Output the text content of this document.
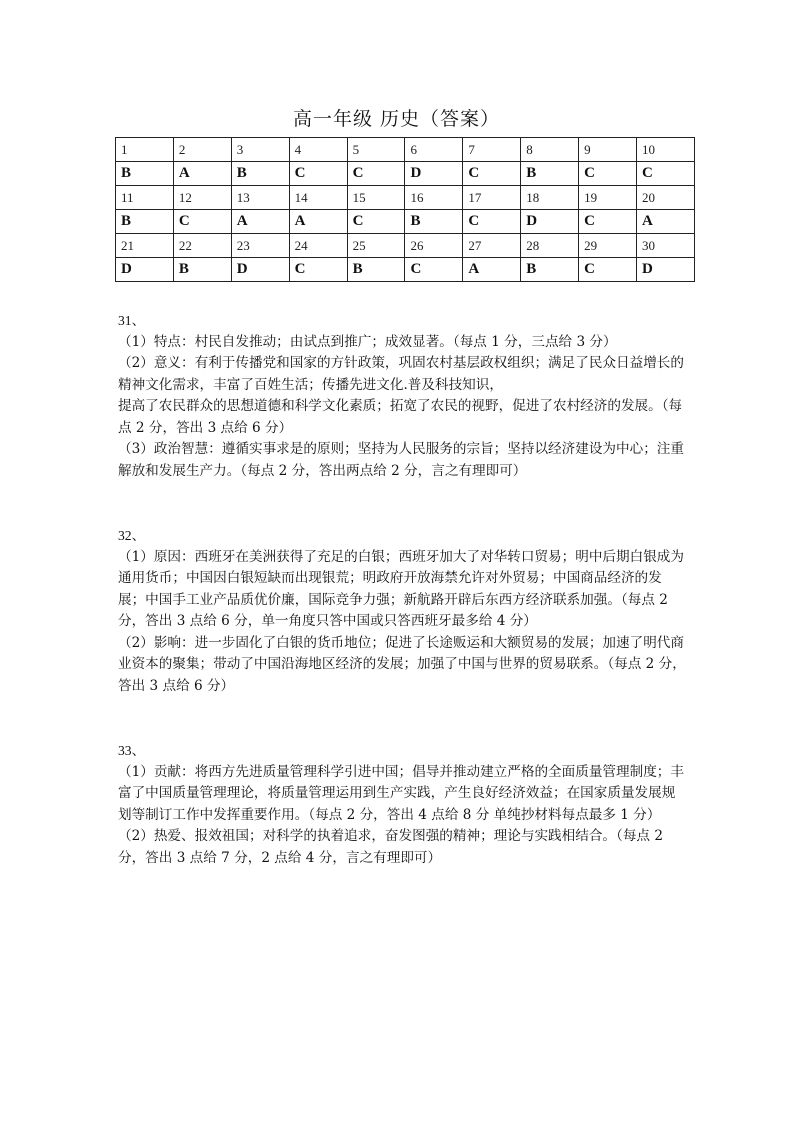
高一年级 历史（答案）
1	2	3	4	5	6	7	8	9	10
B	A	B	C	C	D	C	B	C	C
11	12	13	14	15	16	17	18	19	20
B	C	A	A	C	B	C	D	C	A
21	22	23	24	25	26	27	28	29	30
D	B	D	C	B	C	A	B	C	D

31、

（1）特点：村民自发推动；由试点到推广；成效显著。（每点 1 分，三点给 3 分）

（2）意义：有利于传播党和国家的方针政策，巩固农村基层政权组织；满足了民众日益增长的精神文化需求，丰富了百姓生活；传播先进文化.普及科技知识，

提高了农民群众的思想道德和科学文化素质；拓宽了农民的视野，促进了农村经济的发展。（每点 2 分，答出 3 点给 6 分）

（3）政治智慧：遵循实事求是的原则；坚持为人民服务的宗旨；坚持以经济建设为中心；注重解放和发展生产力。（每点 2 分，答出两点给 2 分，言之有理即可）

32、

（1）原因：西班牙在美洲获得了充足的白银；西班牙加大了对华转口贸易；明中后期白银成为通用货币；中国因白银短缺而出现银荒；明政府开放海禁允许对外贸易；中国商品经济的发展；中国手工业产品质优价廉，国际竞争力强；新航路开辟后东西方经济联系加强。（每点 2 分，答出 3 点给 6 分，单一角度只答中国或只答西班牙最多给 4 分）

（2）影响：进一步固化了白银的货币地位；促进了长途贩运和大额贸易的发展；加速了明代商业资本的聚集；带动了中国沿海地区经济的发展；加强了中国与世界的贸易联系。（每点 2 分，答出 3 点给 6 分）

33、

（1）贡献：将西方先进质量管理科学引进中国；倡导并推动建立严格的全面质量管理制度；丰富了中国质量管理理论，将质量管理运用到生产实践，产生良好经济效益；在国家质量发展规划等制订工作中发挥重要作用。（每点 2 分，答出 4 点给 8 分 单纯抄材料每点最多 1 分）

（2）热爱、报效祖国；对科学的执着追求，奋发图强的精神；理论与实践相结合。（每点 2 分，答出 3 点给 7 分，2 点给 4 分，言之有理即可）
